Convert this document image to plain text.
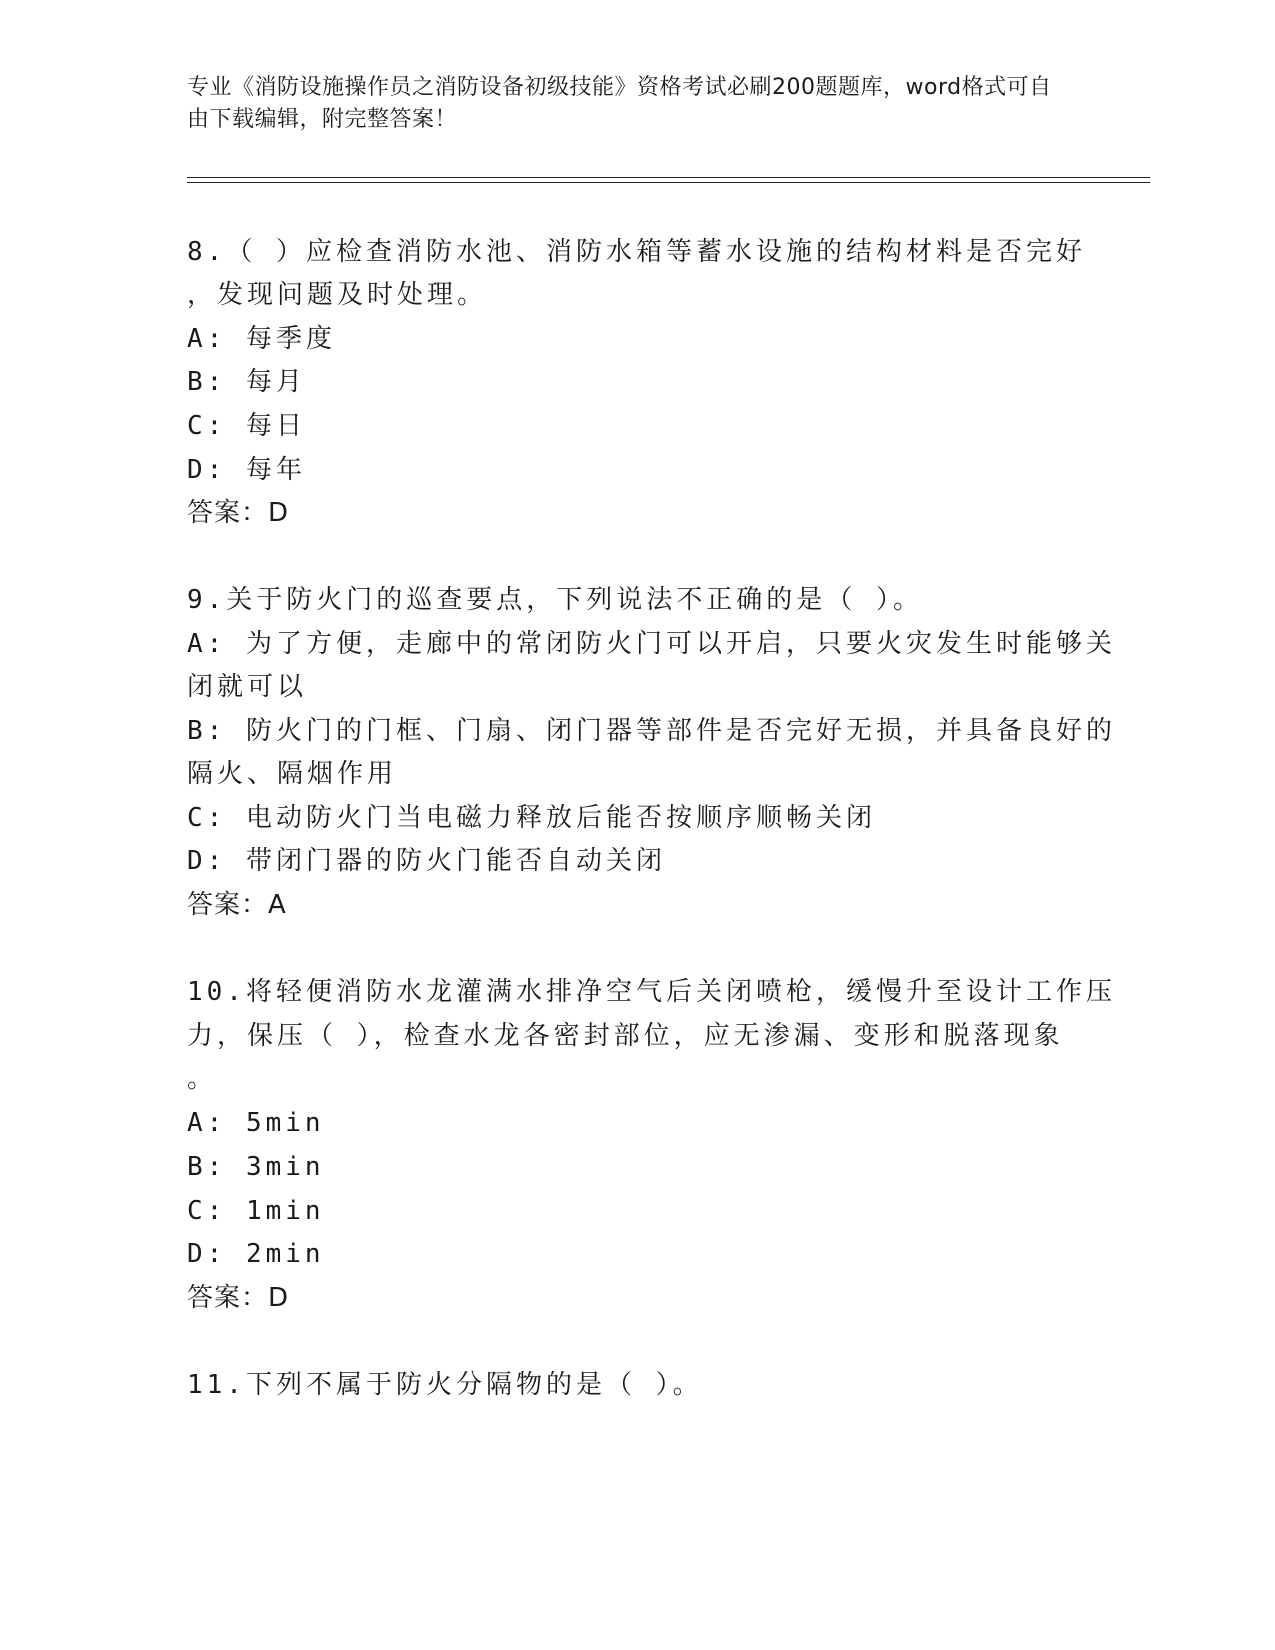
专业《消防设施操作员之消防设备初级技能》资格考试必刷200题题库，word格式可自由下载编辑，附完整答案！
8.（ ）应检查消防水池、消防水箱等蓄水设施的结构材料是否完好
，发现问题及时处理。
A: 每季度
B: 每月
C: 每日
D: 每年
答案：D
9.关于防火门的巡查要点，下列说法不正确的是（ ）。
A: 为了方便，走廊中的常闭防火门可以开启，只要火灾发生时能够关
闭就可以
B: 防火门的门框、门扇、闭门器等部件是否完好无损，并具备良好的
隔火、隔烟作用
C: 电动防火门当电磁力释放后能否按顺序顺畅关闭
D: 带闭门器的防火门能否自动关闭
答案：A
10.将轻便消防水龙灌满水排净空气后关闭喷枪，缓慢升至设计工作压
力，保压（ ），检查水龙各密封部位，应无渗漏、变形和脱落现象
。
A: 5min
B: 3min
C: 1min
D: 2min
答案：D
11.下列不属于防火分隔物的是（ ）。
